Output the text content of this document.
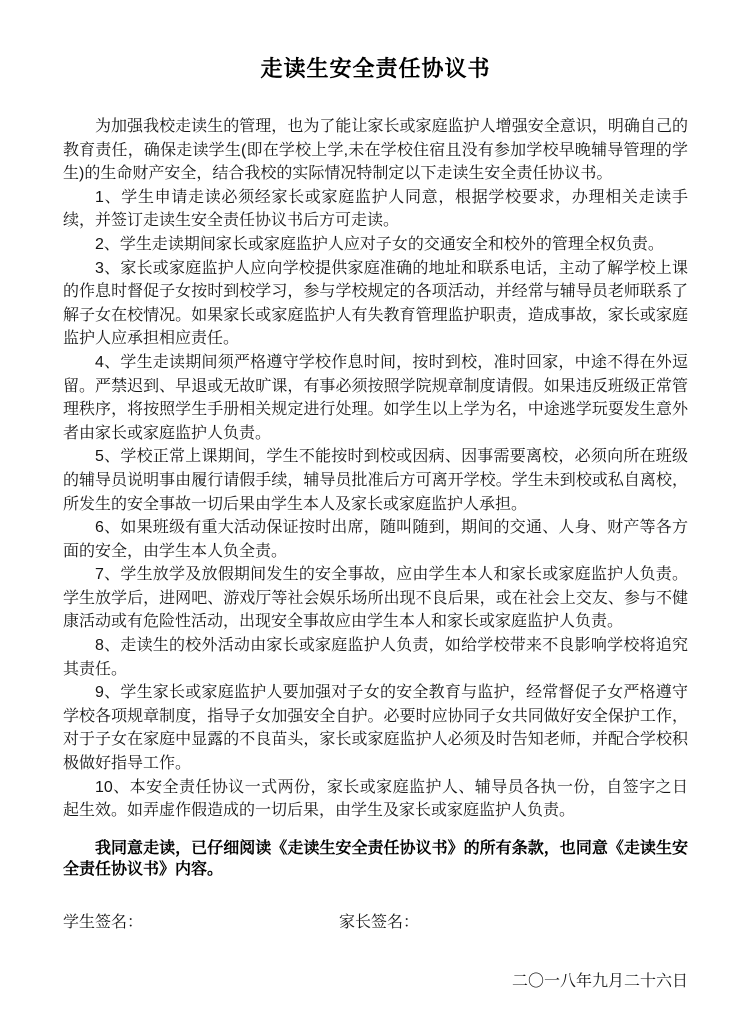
走读生安全责任协议书

为加强我校走读生的管理，也为了能让家长或家庭监护人增强安全意识，明确自己的教育责任，确保走读学生(即在学校上学,未在学校住宿且没有参加学校早晚辅导管理的学生)的生命财产安全，结合我校的实际情况特制定以下走读生安全责任协议书。

1、学生申请走读必须经家长或家庭监护人同意，根据学校要求，办理相关走读手续，并签订走读生安全责任协议书后方可走读。

2、学生走读期间家长或家庭监护人应对子女的交通安全和校外的管理全权负责。

3、家长或家庭监护人应向学校提供家庭准确的地址和联系电话，主动了解学校上课的作息时督促子女按时到校学习，参与学校规定的各项活动，并经常与辅导员老师联系了解子女在校情况。如果家长或家庭监护人有失教育管理监护职责，造成事故，家长或家庭监护人应承担相应责任。

4、学生走读期间须严格遵守学校作息时间，按时到校，准时回家，中途不得在外逗留。严禁迟到、早退或无故旷课，有事必须按照学院规章制度请假。如果违反班级正常管理秩序，将按照学生手册相关规定进行处理。如学生以上学为名，中途逃学玩耍发生意外者由家长或家庭监护人负责。

5、学校正常上课期间，学生不能按时到校或因病、因事需要离校，必须向所在班级的辅导员说明事由履行请假手续，辅导员批准后方可离开学校。学生未到校或私自离校，所发生的安全事故一切后果由学生本人及家长或家庭监护人承担。

6、如果班级有重大活动保证按时出席，随叫随到，期间的交通、人身、财产等各方面的安全，由学生本人负全责。

7、学生放学及放假期间发生的安全事故，应由学生本人和家长或家庭监护人负责。学生放学后，进网吧、游戏厅等社会娱乐场所出现不良后果，或在社会上交友、参与不健康活动或有危险性活动，出现安全事故应由学生本人和家长或家庭监护人负责。

8、走读生的校外活动由家长或家庭监护人负责，如给学校带来不良影响学校将追究其责任。

9、学生家长或家庭监护人要加强对子女的安全教育与监护，经常督促子女严格遵守学校各项规章制度，指导子女加强安全自护。必要时应协同子女共同做好安全保护工作，对于子女在家庭中显露的不良苗头，家长或家庭监护人必须及时告知老师，并配合学校积极做好指导工作。

10、本安全责任协议一式两份，家长或家庭监护人、辅导员各执一份，自签字之日起生效。如弄虚作假造成的一切后果，由学生及家长或家庭监护人负责。

我同意走读，已仔细阅读《走读生安全责任协议书》的所有条款，也同意《走读生安全责任协议书》内容。

学生签名：	家长签名：
二〇一八年九月二十六日
